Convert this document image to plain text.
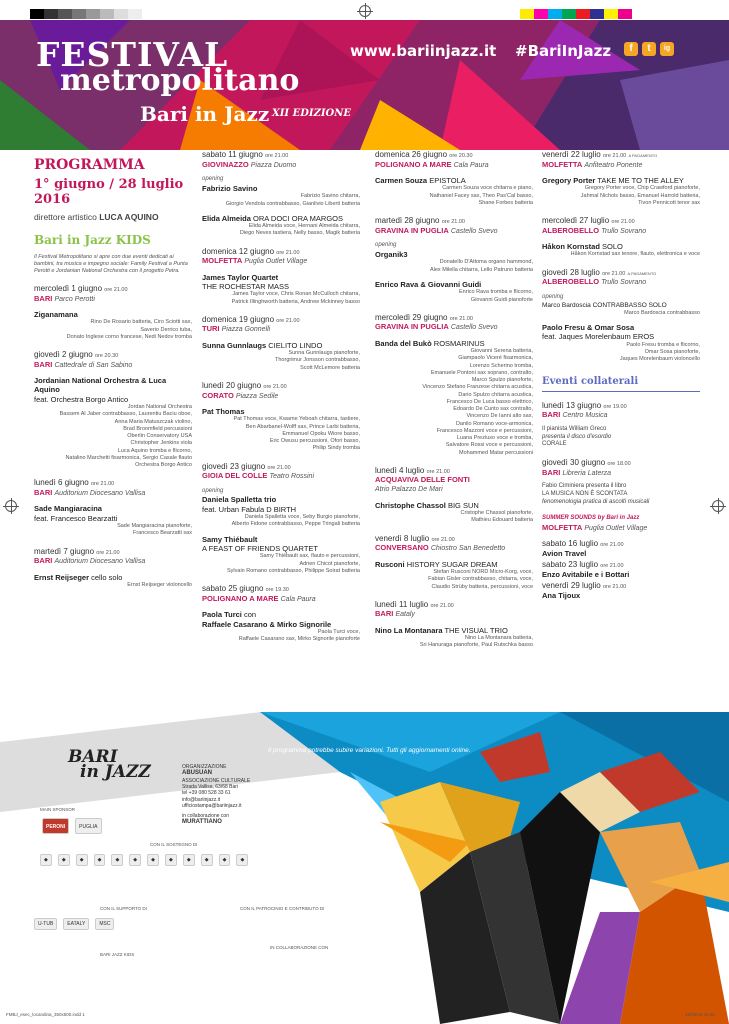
FESTIVAL
metropolitano
Bari in Jazz XII EDIZIONE
www.bariinjazz.it #BariInJazz	f	t	ig
PROGRAMMA
1° giugno / 28 luglio 2016
direttore artistico LUCA AQUINO
Bari in Jazz KIDS
Il Festival Metropolitano si apre con due eventi dedicati ai bambini, tra musica e impegno sociale: Family Festival a Punta Perotti e Jordanian National Orchestra con il progetto Petra.
mercoledì 1 giugno ore 21.00
BARI Parco Perotti
Ziganamana
Rino De Rosario batteria, Ciro Sciotti sax,
Saverio Derrico tuba,
Donato Inglese corno francese, Nedi Nedov tromba
giovedì 2 giugno ore 20.30
BARI Cattedrale di San Sabino
Jordanian National Orchestra & Luca Aquino
feat. Orchestra Borgo Antico
Jordan National Orchestra
Bassem Al Jaber contrabbasso, Laurentiu Baciu oboe,
Anna Maria Matuszczak violino,
Brad Broomfield percussioni
Oberlin Conservatory USA
Christopher Jenkins viola
Luca Aquino tromba e flicorno,
Natalino Marchetti fisarmonica, Sergio Casale flauto
Orchestra Borgo Antico
lunedì 6 giugno ore 21.00
BARI Auditorium Diocesano Vallisa
Sade Mangiaracina
feat. Francesco Bearzatti
Sade Mangiaracina pianoforte,
Francesco Bearzatti sax
martedì 7 giugno ore 21.00
BARI Auditorium Diocesano Vallisa
Ernst Reijseger cello solo
Ernst Reijseger violoncello
sabato 11 giugno ore 21.00
GIOVINAZZO Piazza Duomo
opening
Fabrizio Savino
Fabrizio Savino chitarra,
Giorgio Vendola contrabbasso, Gianlivio Liberti batteria
Elida Almeida ORA DOCI ORA MARGOS
Elida Almeida voce, Hernani Almeida chitarra,
Diego Neves tastiera, Nelly basso, Magik batteria
domenica 12 giugno ore 21.00
MOLFETTA Puglia Outlet Village
James Taylor Quartet
THE ROCHESTAR MASS
James Taylor voce, Chris Ronan McCulloch chitarra,
Patrick Illinghworth batteria, Andrew Mckinney basso
domenica 19 giugno ore 21.00
TURI Piazza Gonnelli
Sunna Gunnlaugs CIELITO LINDO
Sunna Gunnlaugs pianoforte,
Thorgrimur Jonsson contrabbasso,
Scott McLemore batteria
lunedì 20 giugno ore 21.00
CORATO Piazza Sedile
Pat Thomas
Pat Thomas voce, Kwame Yeboah chitarra, tastiere,
Ben Abarbanel-Wolff sax, Prince Larbi batteria,
Emmanuel Opoku Wiore basso,
Eric Owusu percussioni, Ofori basso,
Philip Sindy tromba
giovedì 23 giugno ore 21.00
GIOIA DEL COLLE Teatro Rossini
opening
Daniela Spalletta trio
feat. Urban Fabula D BIRTH
Daniela Spalletta voce, Seby Burgio pianoforte,
Alberto Fidone contrabbasso, Peppe Tringali batteria
Samy Thiébault
A FEAST OF FRIENDS QUARTET
Samy Thiébault sax, flauto e percussioni,
Adrien Chicot pianoforte,
Sylvain Romano contrabbasso, Philippe Soirat batteria
sabato 25 giugno ore 19.30
POLIGNANO A MARE Cala Paura
Paola Turci con
Raffaele Casarano & Mirko Signorile
Paola Turci voce,
Raffaele Casarano sax, Mirko Signorile pianoforte
domenica 26 giugno ore 20.30
POLIGNANO A MARE Cala Paura
Carmen Souza EPISTOLA
Carmen Souza voce chitarra e piano,
Nathaniel Facey sax, Theo Pas'Cal basso,
Shane Forbes batteria
martedì 28 giugno ore 21.00
GRAVINA IN PUGLIA Castello Svevo
opening
Organik3
Donatello D'Attoma organo hammond,
Alex Milella chitarra, Lello Patruno batteria
Enrico Rava & Giovanni Guidi
Enrico Rava tromba e flicorno,
Giovanni Guidi pianoforte
mercoledì 29 giugno ore 21.00
GRAVINA IN PUGLIA Castello Svevo
Banda del Bukò ROSMARINUS
Giovanni Serena batteria,
Giampaolo Viceré fisarmonica,
Lorenzo Scherino tromba,
Emanuele Pontoni sax soprano, contralto,
Marco Spulzo pianoforte,
Vincenzo Stefano Franzese chitarra acustica,
Dario Spulzo chitarra acustica,
Francesco De Luca basso elettrico,
Edoardo De Cunto sax contralto,
Vincenzo De Ianni alto sax,
Danilo Romano voce-armonica,
Francesco Mazzoni voce e percussioni,
Luana Preziuso voce e tromba,
Salvatore Rossi voce e percussioni,
Mohammed Matar percussioni
lunedì 4 luglio ore 21.00
ACQUAVIVA DELLE FONTI
Atrio Palazzo De Mari
Christophe Chassol BIG SUN
Cristophe Chassol pianoforte,
Mathieu Edouard batteria
venerdì 8 luglio ore 21.00
CONVERSANO Chiostro San Benedetto
Rusconi HISTORY SUGAR DREAM
Stefan Rusconi NORD Micro-Korg, voce,
Fabian Gisler contrabbasso, chitarra, voce,
Claudio Strüby batteria, percussioni, voce
lunedì 11 luglio ore 21.00
BARI Eataly
Nino La Montanara THE VISUAL TRIO
Nino La Montanara batteria,
Sri Hanuraga pianoforte, Paul Rutschka basso
venerdì 22 luglio ore 21.00 A PAGAMENTO
MOLFETTA Anfiteatro Ponente
Gregory Porter TAKE ME TO THE ALLEY
Gregory Porter voce, Chip Crawford pianoforte,
Jahmal Nichols basso, Emanuel Harrold batteria,
Tivon Pennicott tenor sax
mercoledì 27 luglio ore 21.00
ALBEROBELLO Trullo Sovrano
Håkon Kornstad SOLO
Håkon Kornstad sax tenore, flauto, elettronica e voce
giovedì 28 luglio ore 21.00 A PAGAMENTO
ALBEROBELLO Trullo Sovrano
opening
Marco Bardoscia CONTRABBASSO SOLO
Marco Bardoscia contrabbasso
Paolo Fresu & Omar Sosa
feat. Jaques Morelenbaum EROS
Paolo Fresu tromba e flicorno,
Omar Sosa pianoforte,
Jaques Morelenbaum violoncello
Eventi collaterali
lunedì 13 giugno ore 19.00
BARI Centro Musica
Il pianista William Greco
presenta il disco d'esordio
CORALE
giovedì 30 giugno ore 18.00
BARI Libreria Laterza
Fabio Ciminiera presenta il libro
LA MUSICA NON È SCONTATA
fenomenologia pratica di ascolti musicali
SUMMER SOUNDS by Bari in Jazz
MOLFETTA Puglia Outlet Village
sabato 16 luglio ore 21.00
Avion Travel
sabato 23 luglio ore 21.00
Enzo Avitabile e i Bottari
venerdì 29 luglio ore 21.00
Ana Tijoux
Il programma potrebbe subire variazioni. Tutti gli aggiornamenti online.
BARI
in JAZZ	ORGANIZZAZIONE
ABUSUAN
ASSOCIAZIONE CULTURALE
Strada Vallisa, 63/68 Bari
tel +39 080 528 33 61
info@bariinjazz.it
ufficiostampa@bariinjazz.it
in collaborazione con
MURATTIANO
MAIN SPONSOR
PERONI	PUGLIA
CON IL SOSTEGNO DI
◆	◆	◆	◆	◆	◆	◆	◆	◆	◆	◆	◆
CON IL SUPPORTO DI	CON IL PATROCINIO E CONTRIBUTO DI
U-TUB	EATALY	MSC
BARI JAZZ KIDS
IN COLLABORAZIONE CON
FMBJ_esec_locandina_350x500.indd 1	29/05/16 19:30
